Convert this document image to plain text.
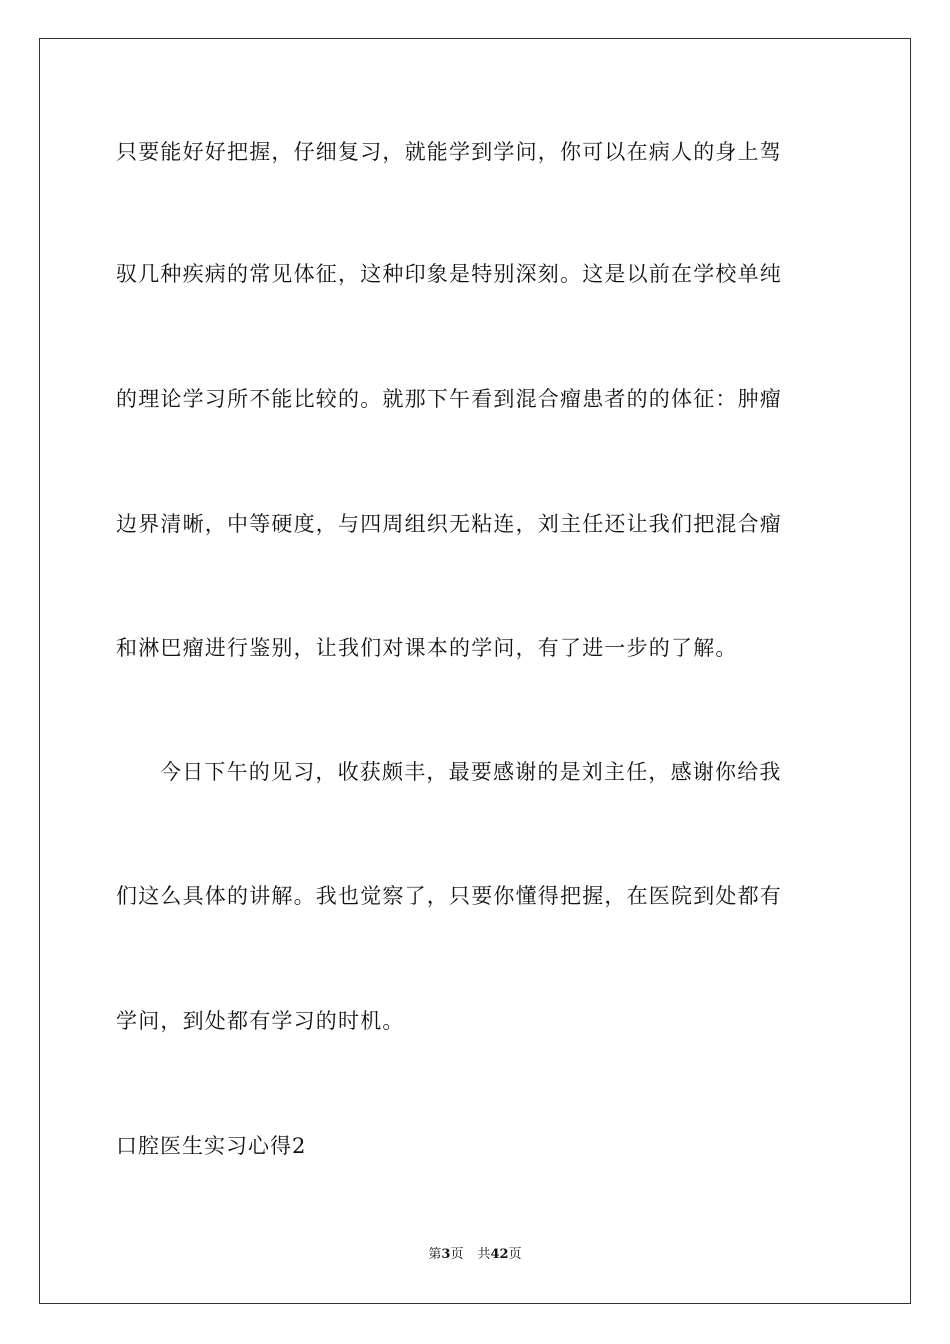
只要能好好把握，仔细复习，就能学到学问，你可以在病人的身上驾
驭几种疾病的常见体征，这种印象是特别深刻。这是以前在学校单纯
的理论学习所不能比较的。就那下午看到混合瘤患者的的体征：肿瘤
边界清晰，中等硬度，与四周组织无粘连，刘主任还让我们把混合瘤
和淋巴瘤进行鉴别，让我们对课本的学问，有了进一步的了解。
今日下午的见习，收获颇丰，最要感谢的是刘主任，感谢你给我
们这么具体的讲解。我也觉察了，只要你懂得把握，在医院到处都有
学问，到处都有学习的时机。
口腔医生实习心得2
第3页 共42页
